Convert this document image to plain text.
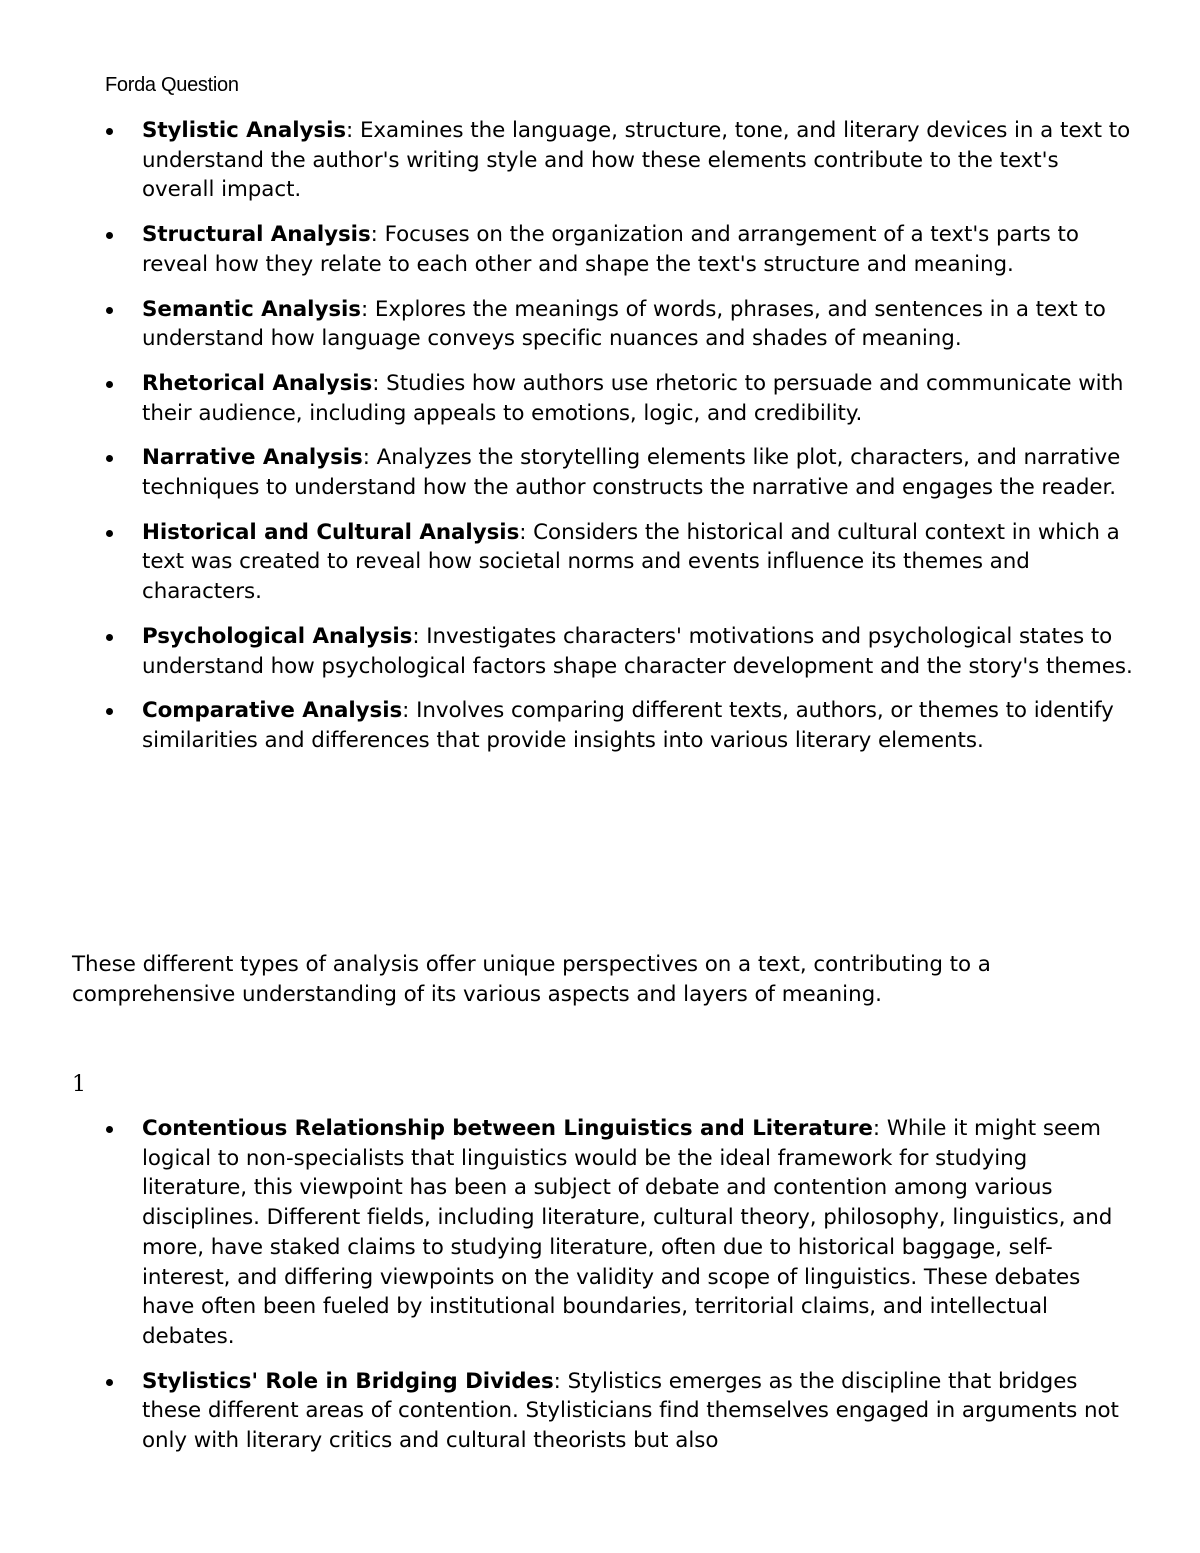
Forda Question
Stylistic Analysis: Examines the language, structure, tone, and literary devices in a text to understand the author's writing style and how these elements contribute to the text's overall impact.
Structural Analysis: Focuses on the organization and arrangement of a text's parts to reveal how they relate to each other and shape the text's structure and meaning.
Semantic Analysis: Explores the meanings of words, phrases, and sentences in a text to understand how language conveys specific nuances and shades of meaning.
Rhetorical Analysis: Studies how authors use rhetoric to persuade and communicate with their audience, including appeals to emotions, logic, and credibility.
Narrative Analysis: Analyzes the storytelling elements like plot, characters, and narrative techniques to understand how the author constructs the narrative and engages the reader.
Historical and Cultural Analysis: Considers the historical and cultural context in which a text was created to reveal how societal norms and events influence its themes and characters.
Psychological Analysis: Investigates characters' motivations and psychological states to understand how psychological factors shape character development and the story's themes.
Comparative Analysis: Involves comparing different texts, authors, or themes to identify similarities and differences that provide insights into various literary elements.

These different types of analysis offer unique perspectives on a text, contributing to a comprehensive understanding of its various aspects and layers of meaning.

1
Contentious Relationship between Linguistics and Literature: While it might seem logical to non-specialists that linguistics would be the ideal framework for studying literature, this viewpoint has been a subject of debate and contention among various disciplines. Different fields, including literature, cultural theory, philosophy, linguistics, and more, have staked claims to studying literature, often due to historical baggage, self-interest, and differing viewpoints on the validity and scope of linguistics. These debates have often been fueled by institutional boundaries, territorial claims, and intellectual debates.
Stylistics' Role in Bridging Divides: Stylistics emerges as the discipline that bridges these different areas of contention. Stylisticians find themselves engaged in arguments not only with literary critics and cultural theorists but also
